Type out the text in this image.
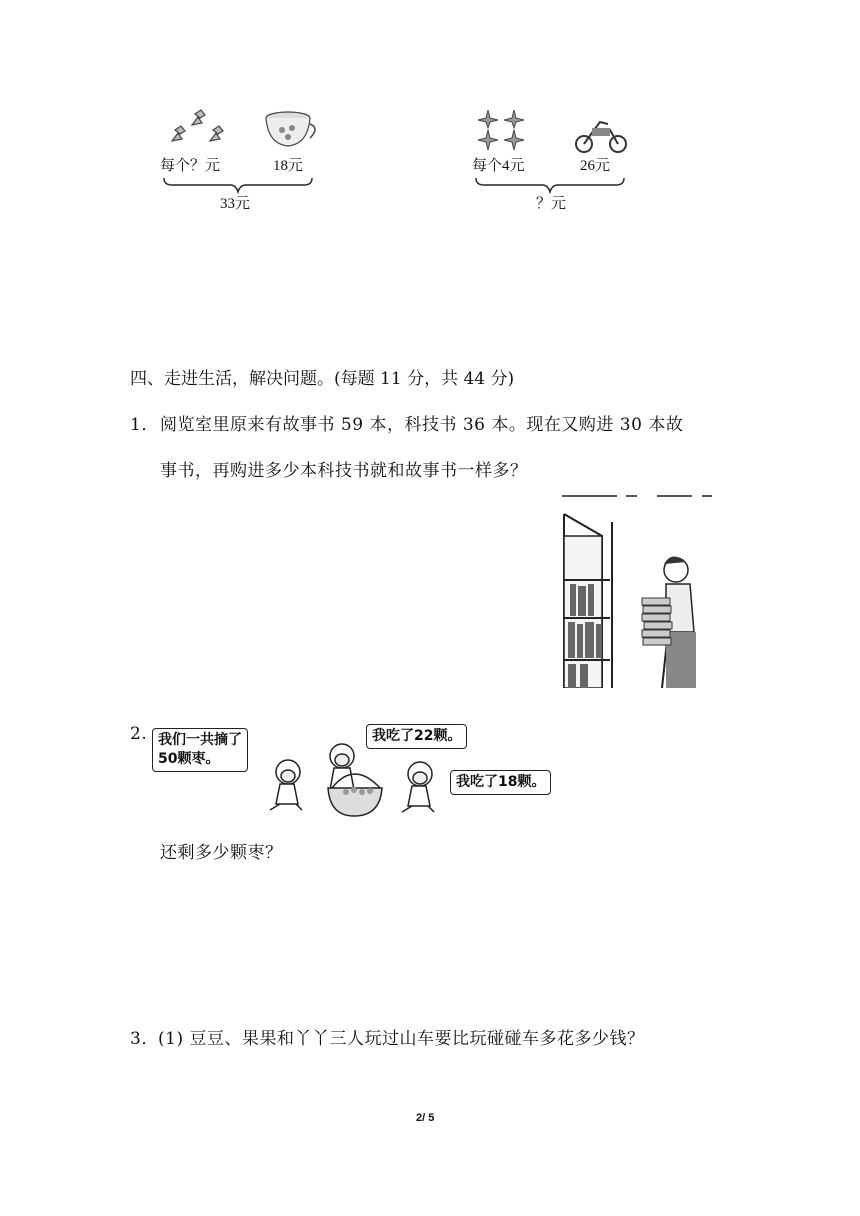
每个？元	18元
33元
每个4元	26元
？元
四、走进生活，解决问题。(每题 11 分，共 44 分)
1． 阅览室里原来有故事书 59 本，科技书 36 本。现在又购进 30 本故
事书，再购进多少本科技书就和故事书一样多？
2. 我们一共摘了
50颗枣。
我吃了22颗。
我吃了18颗。
还剩多少颗枣？
3． (1) 豆豆、果果和丫丫三人玩过山车要比玩碰碰车多花多少钱？
2/ 5
